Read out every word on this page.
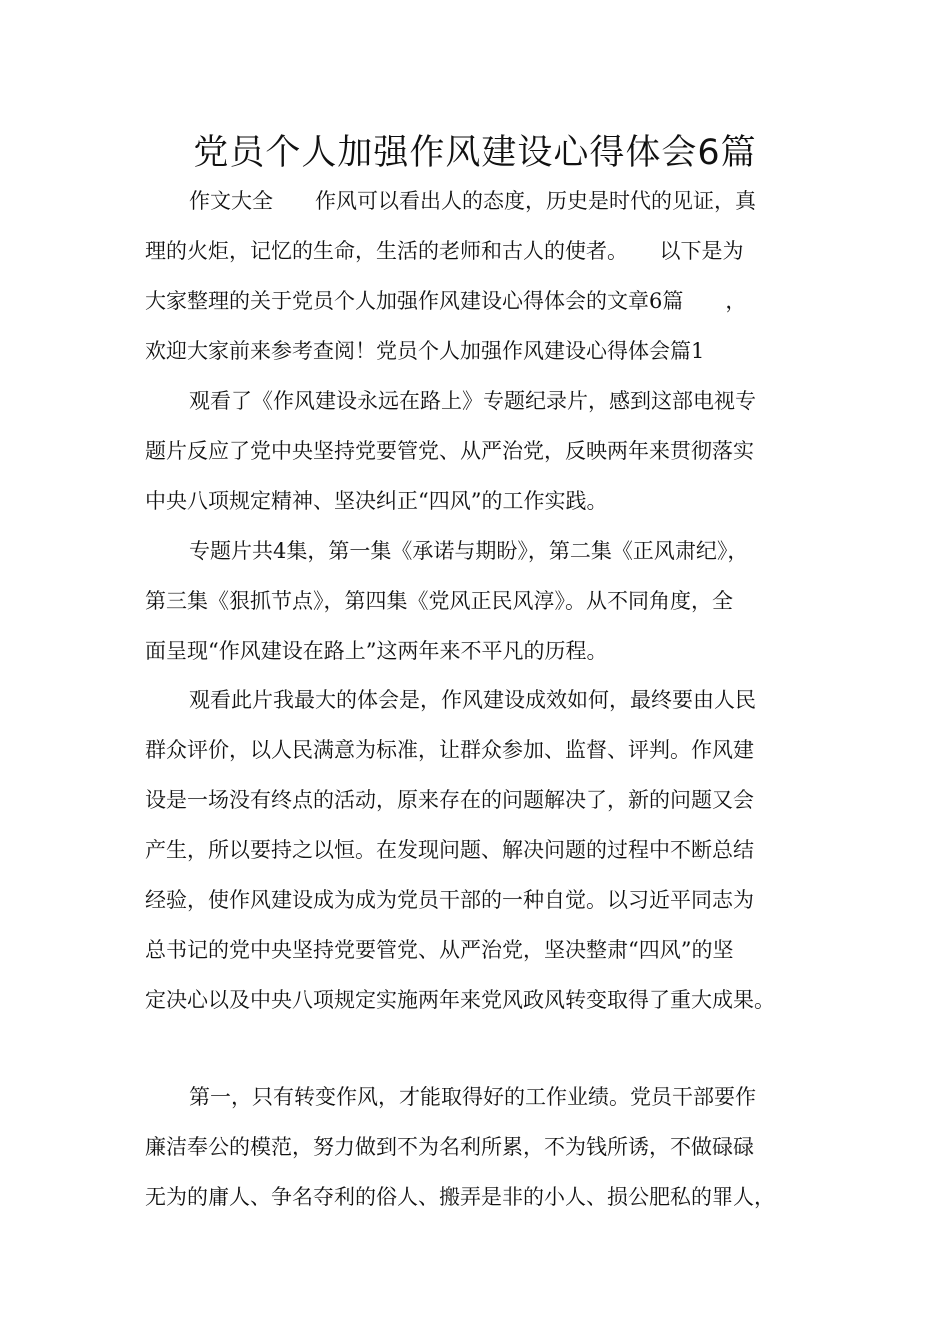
党员个人加强作风建设心得体会6篇
作文大全　　作风可以看出人的态度，历史是时代的见证，真
理的火炬，记忆的生命，生活的老师和古人的使者。　　以下是为
大家整理的关于党员个人加强作风建设心得体会的文章6篇　　，
欢迎大家前来参考查阅！党员个人加强作风建设心得体会篇1
观看了《作风建设永远在路上》专题纪录片，感到这部电视专
题片反应了党中央坚持党要管党、从严治党，反映两年来贯彻落实
中央八项规定精神、坚决纠正“四风”的工作实践。
专题片共4集，第一集《承诺与期盼》，第二集《正风肃纪》，
第三集《狠抓节点》，第四集《党风正民风淳》。从不同角度，全
面呈现“作风建设在路上”这两年来不平凡的历程。
观看此片我最大的体会是，作风建设成效如何，最终要由人民
群众评价，以人民满意为标准，让群众参加、监督、评判。作风建
设是一场没有终点的活动，原来存在的问题解决了，新的问题又会
产生，所以要持之以恒。在发现问题、解决问题的过程中不断总结
经验，使作风建设成为成为党员干部的一种自觉。以习近平同志为
总书记的党中央坚持党要管党、从严治党，坚决整肃“四风”的坚
定决心以及中央八项规定实施两年来党风政风转变取得了重大成果。
第一，只有转变作风，才能取得好的工作业绩。党员干部要作
廉洁奉公的模范，努力做到不为名利所累，不为钱所诱，不做碌碌
无为的庸人、争名夺利的俗人、搬弄是非的小人、损公肥私的罪人，
